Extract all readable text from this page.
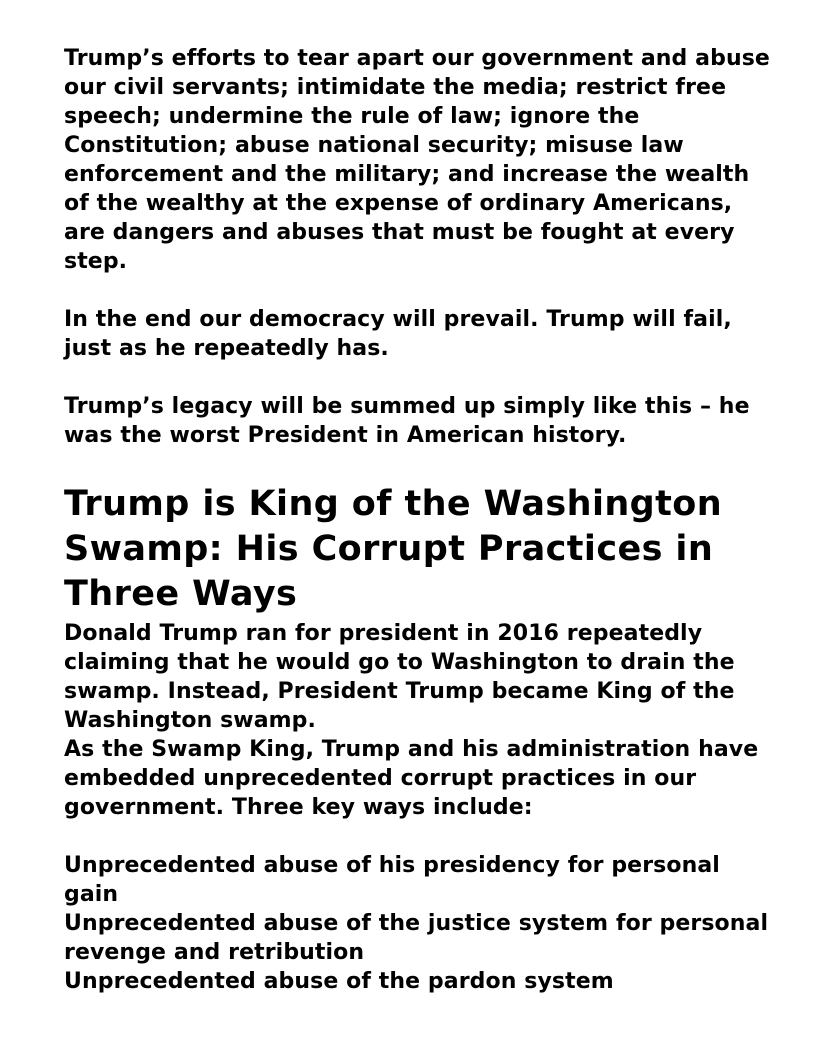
Trump’s efforts to tear apart our government and abuse our civil servants; intimidate the media; restrict free speech; undermine the rule of law; ignore the Constitution; abuse national security; misuse law enforcement and the military; and increase the wealth of the wealthy at the expense of ordinary Americans, are dangers and abuses that must be fought at every step.

In the end our democracy will prevail. Trump will fail, just as he repeatedly has.

Trump’s legacy will be summed up simply like this – he was the worst President in American history.

Trump is King of the Washington Swamp: His Corrupt Practices in Three Ways

Donald Trump ran for president in 2016 repeatedly claiming that he would go to Washington to drain the swamp. Instead, President Trump became King of the Washington swamp.

As the Swamp King, Trump and his administration have embedded unprecedented corrupt practices in our government. Three key ways include:

Unprecedented abuse of his presidency for personal gain
Unprecedented abuse of the justice system for personal revenge and retribution
Unprecedented abuse of the pardon system
